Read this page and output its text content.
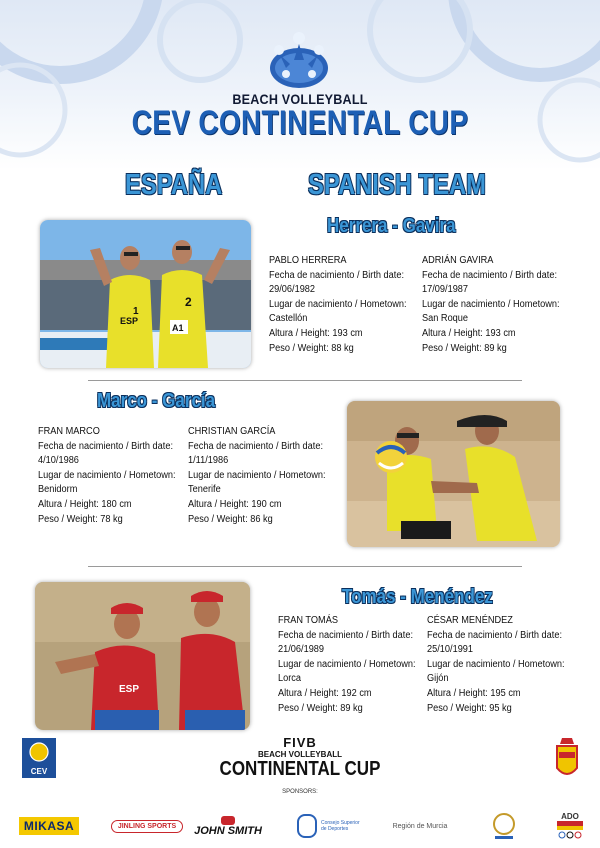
BEACH VOLLEYBALL
CEV CONTINENTAL CUP
ESPAÑA	SPANISH TEAM
ESP
1
2
A1
Herrera - Gavira
PABLO HERRERA
Fecha de nacimiento / Birth date:
29/06/1982
Lugar de nacimiento / Hometown:
Castellón
Altura / Height: 193 cm
Peso / Weight: 88 kg
ADRIÁN GAVIRA
Fecha de nacimiento / Birth date:
17/09/1987
Lugar de nacimiento / Hometown:
San Roque
Altura / Height: 193 cm
Peso / Weight: 89 kg
Marco - García
FRAN MARCO
Fecha de nacimiento / Birth date:
4/10/1986
Lugar de nacimiento / Hometown:
Benidorm
Altura / Height: 180 cm
Peso / Weight: 78 kg
CHRISTIAN GARCÍA
Fecha de nacimiento / Birth date:
1/11/1986
Lugar de nacimiento / Hometown:
Tenerife
Altura / Height: 190 cm
Peso / Weight: 86 kg
ESP
Tomás - Menéndez
FRAN TOMÁS
Fecha de nacimiento / Birth date:
21/06/1989
Lugar de nacimiento / Hometown:
Lorca
Altura / Height: 192 cm
Peso / Weight: 89 kg
CÉSAR MENÉNDEZ
Fecha de nacimiento / Birth date:
25/10/1991
Lugar de nacimiento / Hometown:
Gijón
Altura / Height: 195 cm
Peso / Weight: 95 kg
CEV
FIVB
BEACH VOLLEYBALL
CONTINENTAL CUP
SPONSORS:
MIKASA	JINLING SPORTS	JOHN SMITH
Consejo Superior de Deportes	Región de Murcia
ADO
